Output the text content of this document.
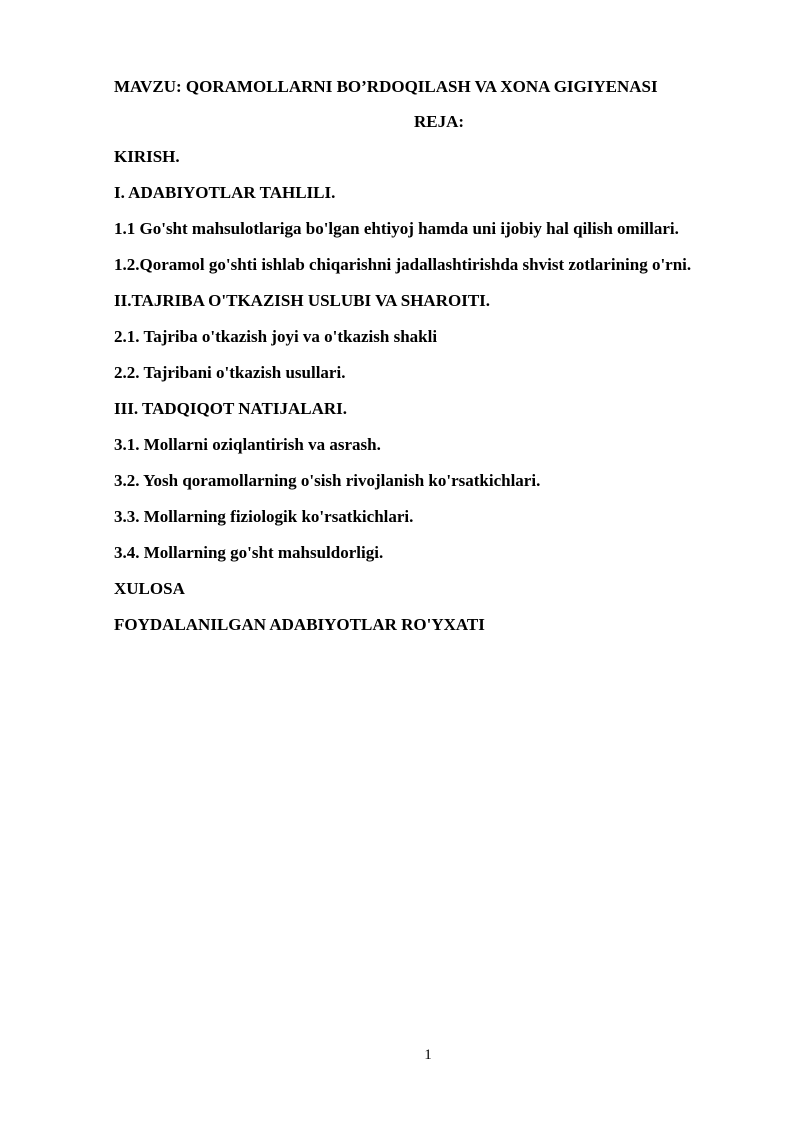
MAVZU: QORAMOLLARNI BO’RDOQILASH VA XONA GIGIYENASI

REJA:

KIRISH.

I. ADABIYOTLAR TAHLILI.

1.1 Go'sht mahsulotlariga bo'lgan ehtiyoj hamda uni ijobiy hal qilish omillari.

1.2.Qoramol go'shti ishlab chiqarishni jadallashtirishda shvist zotlarining o'rni.

II.TAJRIBA O'TKAZISH USLUBI VA SHAROITI.

2.1. Tajriba o'tkazish joyi va o'tkazish shakli

2.2. Tajribani o'tkazish usullari.

III. TADQIQOT NATIJALARI.

3.1. Mollarni oziqlantirish va asrash.

3.2. Yosh qoramollarning o'sish rivojlanish ko'rsatkichlari.

3.3. Mollarning fiziologik ko'rsatkichlari.

3.4. Mollarning go'sht mahsuldorligi.

XULOSA

FOYDALANILGAN ADABIYOTLAR RO'YXATI

1
